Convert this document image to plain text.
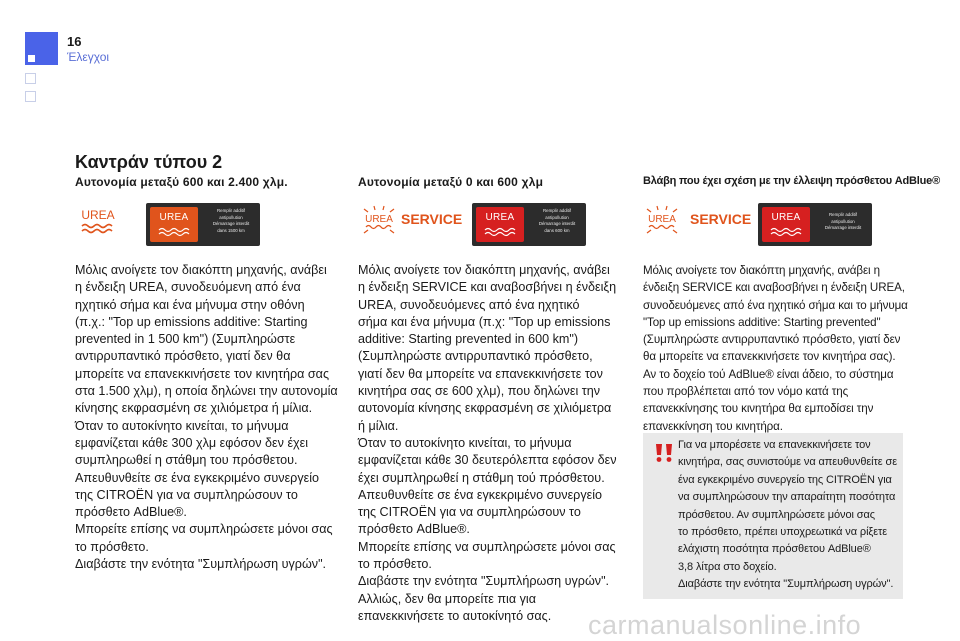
16
Έλεγχοι
Καντράν τύπου 2
Αυτονομία μεταξύ 600 και 2.400 χλμ.
UREA	UREA

Remplir additif

antipollution

Démarrage interdit

dans 1500 km

Μόλις ανοίγετε τον διακόπτη μηχανής, ανάβει

η ένδειξη UREA, συνοδευόμενη από ένα

ηχητικό σήμα και ένα μήνυμα στην οθόνη

(π.χ.: "Top up emissions additive: Starting

prevented in 1 500 km") (Συμπληρώστε

αντιρρυπαντικό πρόσθετο, γιατί δεν θα

μπορείτε να επανεκκινήσετε τον κινητήρα σας

στα 1.500 χλμ), η οποία δηλώνει την αυτονομία

κίνησης εκφρασμένη σε χιλιόμετρα ή μίλια.

Όταν το αυτοκίνητο κινείται, το μήνυμα

εμφανίζεται κάθε 300 χλμ εφόσον δεν έχει

συμπληρωθεί η στάθμη του πρόσθετου.

Απευθυνθείτε σε ένα εγκεκριμένο συνεργείο

της CITROËN για να συμπληρώσουν το

πρόσθετο AdBlue®.

Μπορείτε επίσης να συμπληρώσετε μόνοι σας

το πρόσθετο.

Διαβάστε την ενότητα "Συμπλήρωση υγρών".

Αυτονομία μεταξύ 0 και 600 χλμ
UREA SERVICE	UREA

Remplir additif

antipollution

Démarrage interdit

dans 600 km

Μόλις ανοίγετε τον διακόπτη μηχανής, ανάβει

η ένδειξη SERVICE και αναβοσβήνει η ένδειξη

UREA, συνοδευόμενες από ένα ηχητικό

σήμα και ένα μήνυμα (π.χ: "Top up emissions

additive: Starting prevented in 600 km")

(Συμπληρώστε αντιρρυπαντικό πρόσθετο,

γιατί δεν θα μπορείτε να επανεκκινήσετε τον

κινητήρα σας σε 600 χλμ), που δηλώνει την

αυτονομία κίνησης εκφρασμένη σε χιλιόμετρα

ή μίλια.

Όταν το αυτοκίνητο κινείται, το μήνυμα

εμφανίζεται κάθε 30 δευτερόλεπτα εφόσον δεν

έχει συμπληρωθεί η στάθμη τού πρόσθετου.

Απευθυνθείτε σε ένα εγκεκριμένο συνεργείο

της CITROËN για να συμπληρώσουν το

πρόσθετο AdBlue®.

Μπορείτε επίσης να συμπληρώσετε μόνοι σας

το πρόσθετο.

Διαβάστε την ενότητα "Συμπλήρωση υγρών".

Αλλιώς, δεν θα μπορείτε πια για

επανεκκινήσετε το αυτοκίνητό σας.

Βλάβη που έχει σχέση με την έλλειψη πρόσθετου AdBlue®
UREA SERVICE	UREA	Remplir additif

antipollution

Démarrage interdit

Μόλις ανοίγετε τον διακόπτη μηχανής, ανάβει η

ένδειξη SERVICE και αναβοσβήνει η ένδειξη UREA,

συνοδευόμενες από ένα ηχητικό σήμα και το μήνυμα

"Top up emissions additive: Starting prevented"

(Συμπληρώστε αντιρρυπαντικό πρόσθετο, γιατί δεν

θα μπορείτε να επανεκκινήσετε τον κινητήρα σας).

Αν το δοχείο τού AdBlue® είναι άδειο, το σύστημα

που προβλέπεται από τον νόμο κατά της

επανεκκίνησης του κινητήρα θα εμποδίσει την

επανεκκίνηση του κινητήρα.

Για να μπορέσετε να επανεκκινήσετε τον

κινητήρα, σας συνιστούμε να απευθυνθείτε σε

ένα εγκεκριμένο συνεργείο της CITROËN για

να συμπληρώσουν την απαραίτητη ποσότητα

πρόσθετου. Αν συμπληρώσετε μόνοι σας

το πρόσθετο, πρέπει υποχρεωτικά να ρίξετε

ελάχιστη ποσότητα πρόσθετου AdBlue®

3,8 λίτρα στο δοχείο.

Διαβάστε την ενότητα "Συμπλήρωση υγρών".

carmanualsonline.info
